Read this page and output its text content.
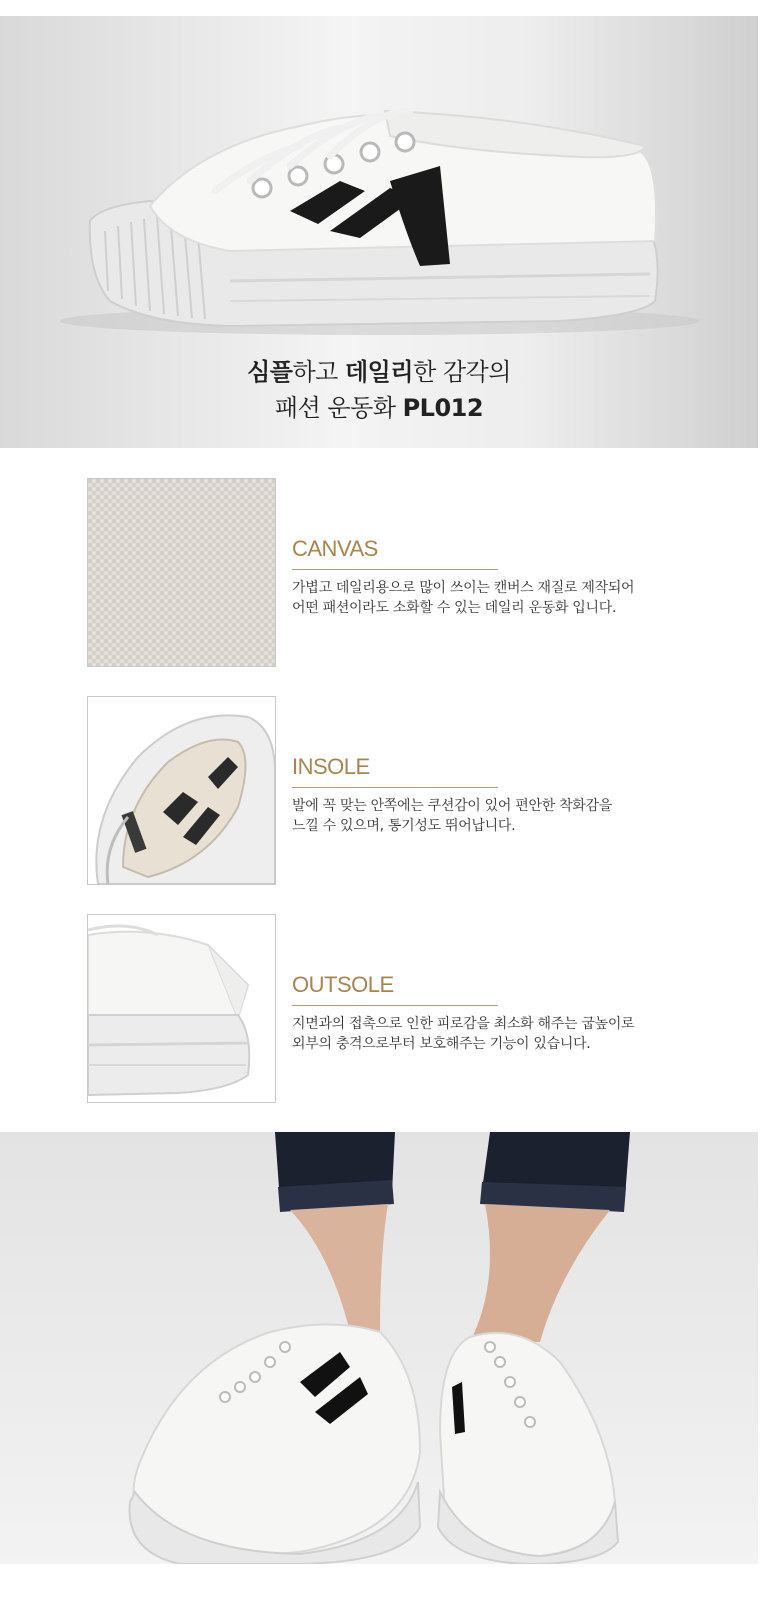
심플하고 데일리한 감각의
패션 운동화 PL012
CANVAS
가볍고 데일리용으로 많이 쓰이는 캔버스 재질로 제작되어
어떤 패션이라도 소화할 수 있는 데일리 운동화 입니다.
INSOLE
발에 꼭 맞는 안쪽에는 쿠션감이 있어 편안한 착화감을
느낄 수 있으며, 통기성도 뛰어납니다.
OUTSOLE
지면과의 접촉으로 인한 피로감을 최소화 해주는 굽높이로
외부의 충격으로부터 보호해주는 기능이 있습니다.
